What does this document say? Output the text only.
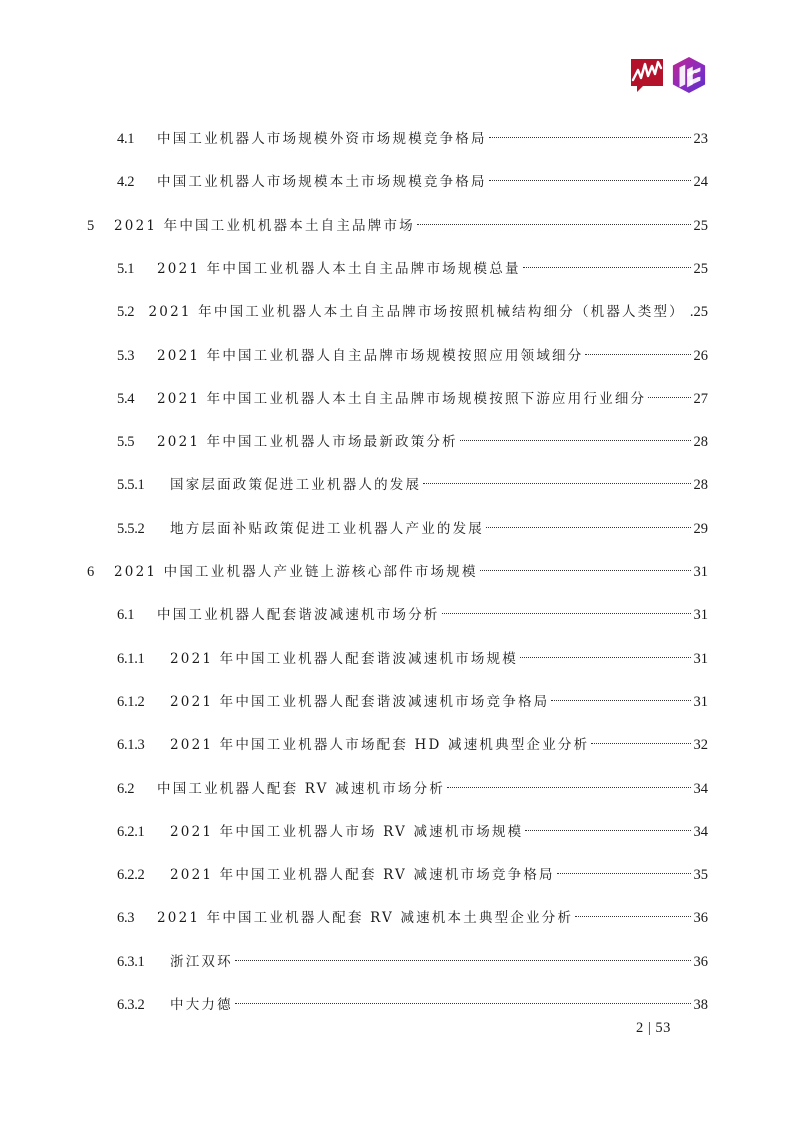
4.1	中国工业机器人市场规模外资市场规模竞争格局	23
4.2	中国工业机器人市场规模本土市场规模竞争格局	24
5	2021 年中国工业机机器本土自主品牌市场	25
5.1	2021 年中国工业机器人本土自主品牌市场规模总量	25
5.2	2021 年中国工业机器人本土自主品牌市场按照机械结构细分（机器人类型） .25
5.3	2021 年中国工业机器人自主品牌市场规模按照应用领域细分	26
5.4	2021 年中国工业机器人本土自主品牌市场规模按照下游应用行业细分	27
5.5	2021 年中国工业机器人市场最新政策分析	28
5.5.1	国家层面政策促进工业机器人的发展	28
5.5.2	地方层面补贴政策促进工业机器人产业的发展	29
6	2021 中国工业机器人产业链上游核心部件市场规模	31
6.1	中国工业机器人配套谐波减速机市场分析	31
6.1.1	2021 年中国工业机器人配套谐波减速机市场规模	31
6.1.2	2021 年中国工业机器人配套谐波减速机市场竞争格局	31
6.1.3	2021 年中国工业机器人市场配套 HD 减速机典型企业分析	32
6.2	中国工业机器人配套 RV 减速机市场分析	34
6.2.1	2021 年中国工业机器人市场 RV 减速机市场规模	34
6.2.2	2021 年中国工业机器人配套 RV 减速机市场竞争格局	35
6.3	2021 年中国工业机器人配套 RV 减速机本土典型企业分析	36
6.3.1	浙江双环	36
6.3.2	中大力德	38
2 | 53
